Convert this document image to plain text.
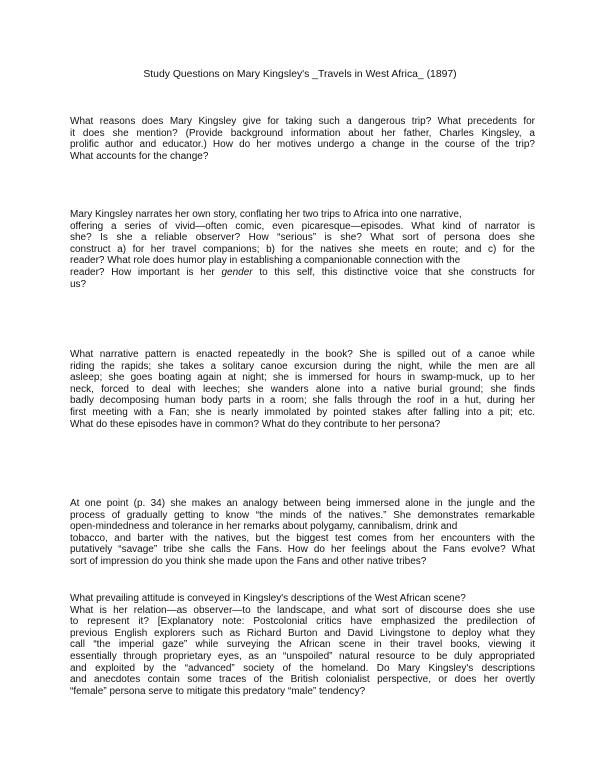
Study Questions on Mary Kingsley's _Travels in West Africa_ (1897)
What reasons does Mary Kingsley give for taking such a dangerous trip? What precedents for
it does she mention? (Provide background information about her father, Charles Kingsley, a
prolific author and educator.) How do her motives undergo a change in the course of the trip?
What accounts for the change?
Mary Kingsley narrates her own story, conflating her two trips to Africa into one narrative,
offering a series of vivid—often comic, even picaresque—episodes. What kind of narrator is
she? Is she a reliable observer? How “serious” is she? What sort of persona does she
construct a) for her travel companions; b) for the natives she meets en route; and c) for the
reader? What role does humor play in establishing a companionable connection with the
reader? How important is her gender to this self, this distinctive voice that she constructs for
us?
What narrative pattern is enacted repeatedly in the book? She is spilled out of a canoe while
riding the rapids; she takes a solitary canoe excursion during the night, while the men are all
asleep; she goes boating again at night; she is immersed for hours in swamp-muck, up to her
neck, forced to deal with leeches; she wanders alone into a native burial ground; she finds
badly decomposing human body parts in a room; she falls through the roof in a hut, during her
first meeting with a Fan; she is nearly immolated by pointed stakes after falling into a pit; etc.
What do these episodes have in common? What do they contribute to her persona?
At one point (p. 34) she makes an analogy between being immersed alone in the jungle and the
process of gradually getting to know “the minds of the natives.” She demonstrates remarkable
open-mindedness and tolerance in her remarks about polygamy, cannibalism, drink and
tobacco, and barter with the natives, but the biggest test comes from her encounters with the
putatively “savage” tribe she calls the Fans. How do her feelings about the Fans evolve? What
sort of impression do you think she made upon the Fans and other native tribes?
What prevailing attitude is conveyed in Kingsley's descriptions of the West African scene?
What is her relation—as observer—to the landscape, and what sort of discourse does she use
to represent it? [Explanatory note: Postcolonial critics have emphasized the predilection of
previous English explorers such as Richard Burton and David Livingstone to deploy what they
call “the imperial gaze” while surveying the African scene in their travel books, viewing it
essentially through proprietary eyes, as an “unspoiled” natural resource to be duly appropriated
and exploited by the “advanced” society of the homeland. Do Mary Kingsley's descriptions
and anecdotes contain some traces of the British colonialist perspective, or does her overtly
“female” persona serve to mitigate this predatory “male” tendency?
